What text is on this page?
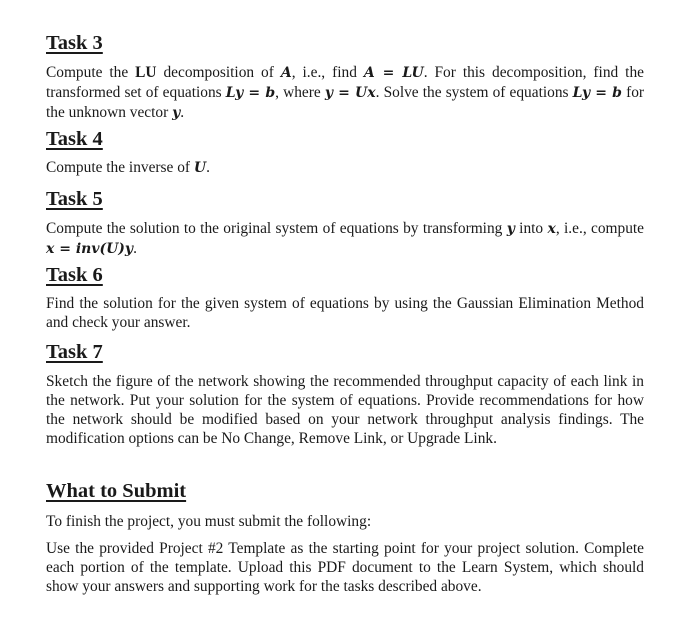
Task 3

Compute the LU decomposition of A, i.e., find A = LU. For this decomposition, find the transformed set of equations Ly = b, where y = Ux. Solve the system of equations Ly = b for the unknown vector y.

Task 4

Compute the inverse of U.

Task 5

Compute the solution to the original system of equations by transforming y into x, i.e., compute x = inv(U)y.

Task 6

Find the solution for the given system of equations by using the Gaussian Elimination Method and check your answer.

Task 7

Sketch the figure of the network showing the recommended throughput capacity of each link in the network. Put your solution for the system of equations. Provide recommendations for how the network should be modified based on your network throughput analysis findings. The modification options can be No Change, Remove Link, or Upgrade Link.

What to Submit

To finish the project, you must submit the following:

Use the provided Project #2 Template as the starting point for your project solution. Complete each portion of the template. Upload this PDF document to the Learn System, which should show your answers and supporting work for the tasks described above.
